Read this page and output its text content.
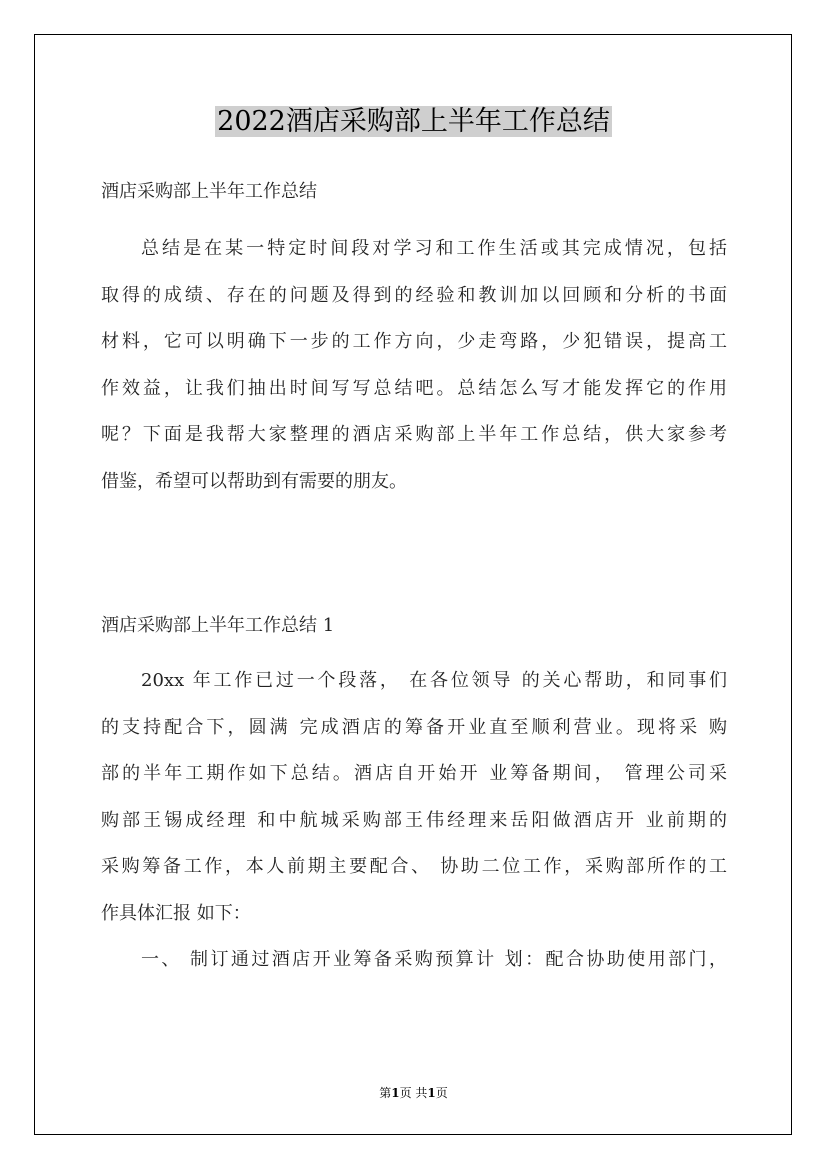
2022酒店采购部上半年工作总结
酒店采购部上半年工作总结
总结是在某一特定时间段对学习和工作生活或其完成情况，包括
取得的成绩、存在的问题及得到的经验和教训加以回顾和分析的书面
材料，它可以明确下一步的工作方向，少走弯路，少犯错误，提高工
作效益，让我们抽出时间写写总结吧。总结怎么写才能发挥它的作用
呢？下面是我帮大家整理的酒店采购部上半年工作总结，供大家参考
借鉴，希望可以帮助到有需要的朋友。
酒店采购部上半年工作总结 1
20xx 年工作已过一个段落， 在各位领导 的关心帮助，和同事们
的支持配合下，圆满 完成酒店的筹备开业直至顺利营业。现将采 购
部的半年工期作如下总结。酒店自开始开 业筹备期间， 管理公司采
购部王锡成经理 和中航城采购部王伟经理来岳阳做酒店开 业前期的
采购筹备工作，本人前期主要配合、 协助二位工作，采购部所作的工
作具体汇报 如下：
一、 制订通过酒店开业筹备采购预算计 划：配合协助使用部门，
第1页 共1页
